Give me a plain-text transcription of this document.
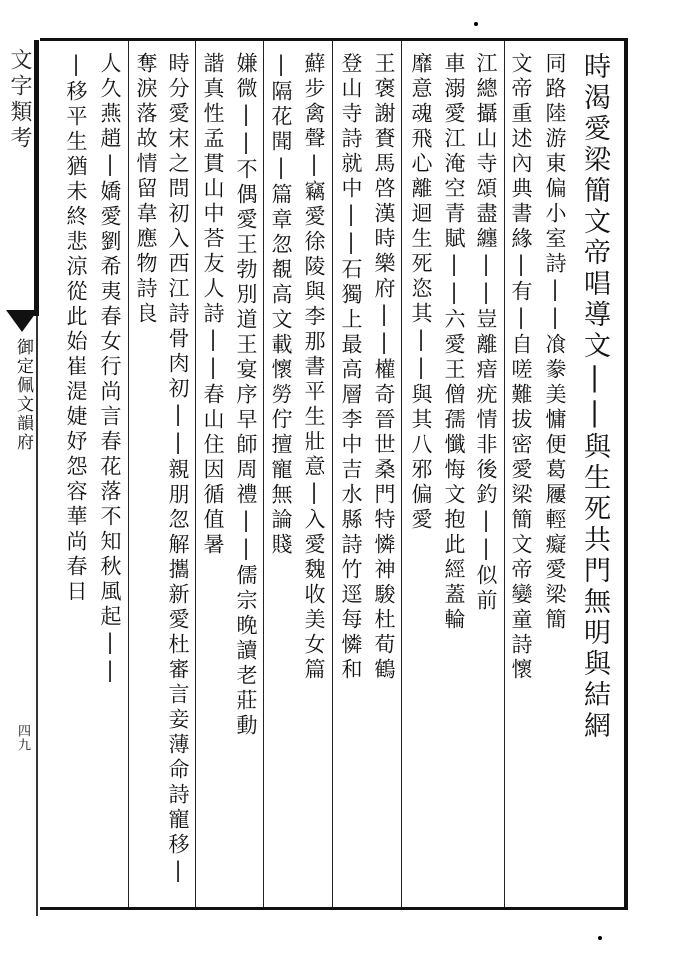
文字類考
御定佩文韻府
四九	時渴愛梁簡文帝唱導文||與生死共門無明與結網
同路陸游東偏小室詩||飡豢美慵便葛屨輕癡愛梁簡
文帝重述內典書緣|有|自嗟難拔密愛梁簡文帝孌童詩懷
江總攝山寺頌盡纏||豈離瘖疣情非後釣||似前
車溺愛江淹空青賦||六愛王僧孺懺悔文抱此經蓋輪
靡意魂飛心離迴生死恣其||與其八邪偏愛
王褒謝賚馬啓漢時樂府||權奇晉世桑門特憐神駿杜荀鶴
登山寺詩就中||石獨上最高層李中吉水縣詩竹逕每憐和
蘚步禽聲|竊愛徐陵與李那書平生壯意|入愛魏收美女篇
|隔花聞|篇章忽覩高文載懷勞佇擅寵無論賤
嫌微||不偶愛王勃別道王宴序早師周禮||儒宗晚讀老莊動
諧真性孟貫山中荅友人詩||春山住因循值暑
時分愛宋之問初入西江詩骨肉初||親朋忽解攜新愛杜審言妾薄命詩寵移|
奪淚落故情留韋應物詩良
人久燕趙|嬌愛劉希夷春女行尚言春花落不知秋風起||
|移平生猶未終悲涼從此始崔湜婕妤怨容華尚春日
